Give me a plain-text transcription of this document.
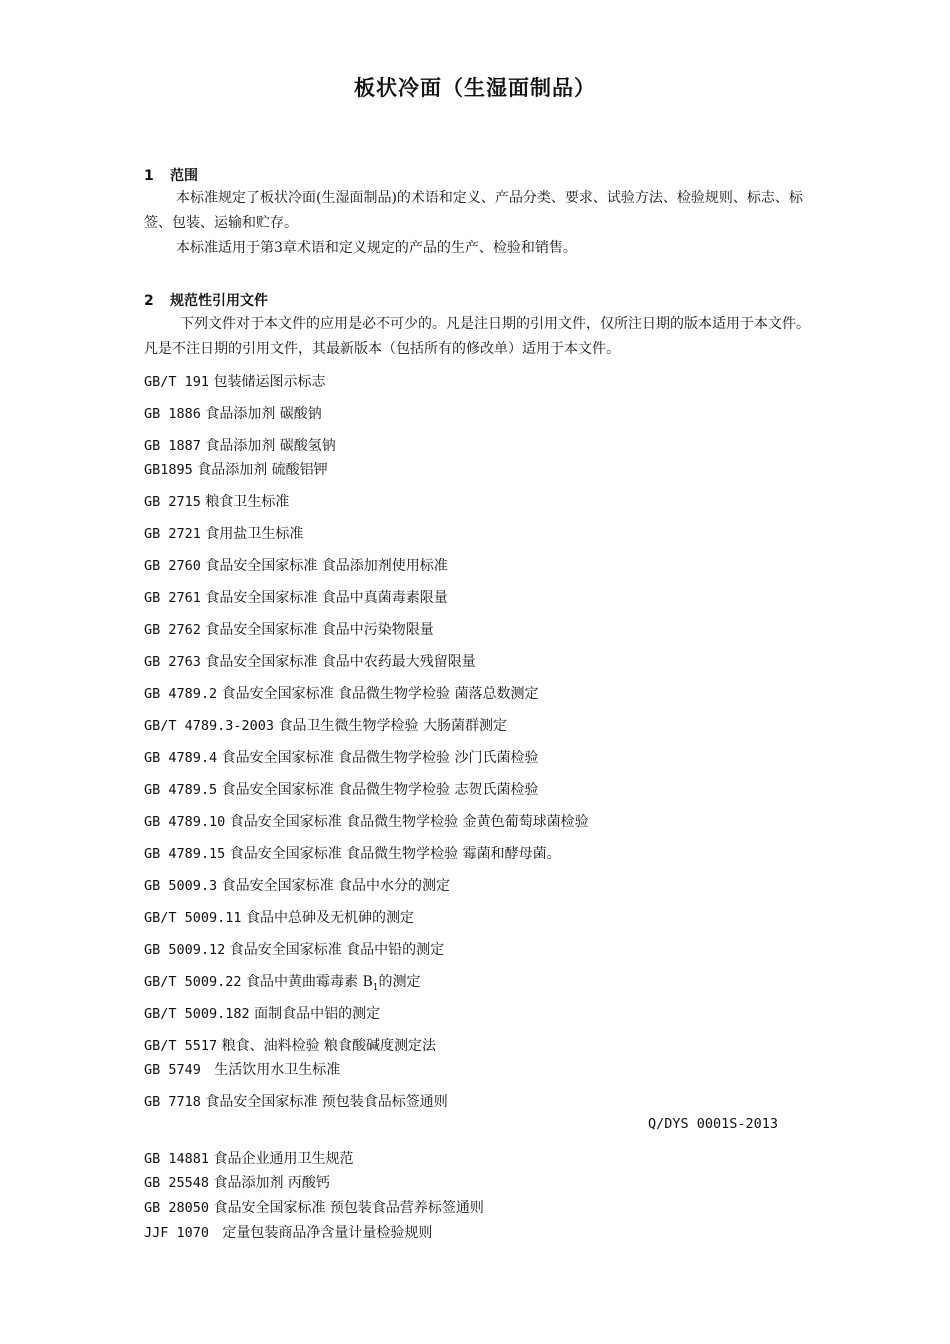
板状冷面（生湿面制品）
1 范围
本标准规定了板状冷面(生湿面制品)的术语和定义、产品分类、要求、试验方法、检验规则、标志、标签、包装、运输和贮存。
本标准适用于第3章术语和定义规定的产品的生产、检验和销售。
2 规范性引用文件
下列文件对于本文件的应用是必不可少的。凡是注日期的引用文件，仅所注日期的版本适用于本文件。凡是不注日期的引用文件，其最新版本（包括所有的修改单）适用于本文件。
GB/T 191 包装储运图示标志
GB 1886 食品添加剂 碳酸钠
GB 1887 食品添加剂 碳酸氢钠
GB1895 食品添加剂 硫酸铝钾
GB 2715 粮食卫生标准
GB 2721 食用盐卫生标准
GB 2760 食品安全国家标准 食品添加剂使用标准
GB 2761 食品安全国家标准 食品中真菌毒素限量
GB 2762 食品安全国家标准 食品中污染物限量
GB 2763 食品安全国家标准 食品中农药最大残留限量
GB 4789.2 食品安全国家标准 食品微生物学检验 菌落总数测定
GB/T 4789.3-2003 食品卫生微生物学检验 大肠菌群测定
GB 4789.4 食品安全国家标准 食品微生物学检验 沙门氏菌检验
GB 4789.5 食品安全国家标准 食品微生物学检验 志贺氏菌检验
GB 4789.10 食品安全国家标准 食品微生物学检验 金黄色葡萄球菌检验
GB 4789.15 食品安全国家标准 食品微生物学检验 霉菌和酵母菌。
GB 5009.3 食品安全国家标准 食品中水分的测定
GB/T 5009.11 食品中总砷及无机砷的测定
GB 5009.12 食品安全国家标准 食品中铅的测定
GB/T 5009.22 食品中黄曲霉毒素 $B_1$的测定
GB/T 5009.182 面制食品中铝的测定
GB/T 5517 粮食、油料检验 粮食酸碱度测定法
GB 5749   生活饮用水卫生标准
GB 7718 食品安全国家标准 预包装食品标签通则
Q/DYS 0001S-2013
GB 14881 食品企业通用卫生规范
GB 25548 食品添加剂 丙酸钙
GB 28050 食品安全国家标准 预包装食品营养标签通则
JJF 1070   定量包装商品净含量计量检验规则
